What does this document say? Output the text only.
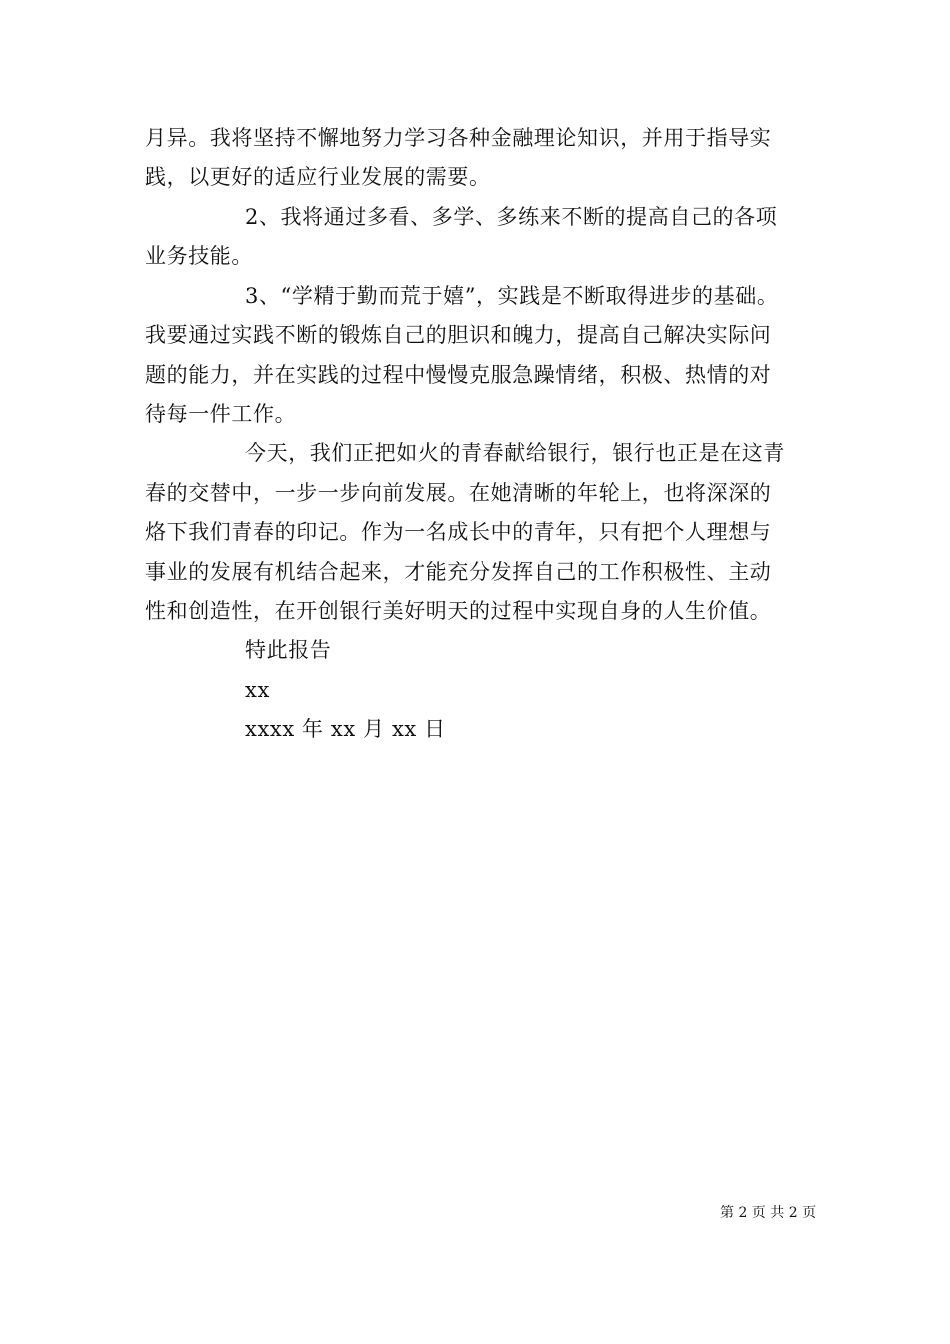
月异。我将坚持不懈地努力学习各种金融理论知识，并用于指导实
践，以更好的适应行业发展的需要。
2、我将通过多看、多学、多练来不断的提高自己的各项
业务技能。
3、“学精于勤而荒于嬉”，实践是不断取得进步的基础。
我要通过实践不断的锻炼自己的胆识和魄力，提高自己解决实际问
题的能力，并在实践的过程中慢慢克服急躁情绪，积极、热情的对
待每一件工作。
今天，我们正把如火的青春献给银行，银行也正是在这青
春的交替中，一步一步向前发展。在她清晰的年轮上，也将深深的
烙下我们青春的印记。作为一名成长中的青年，只有把个人理想与
事业的发展有机结合起来，才能充分发挥自己的工作积极性、主动
性和创造性，在开创银行美好明天的过程中实现自身的人生价值。
特此报告
xx
xxxx 年 xx 月 xx 日
第 2 页 共 2 页
